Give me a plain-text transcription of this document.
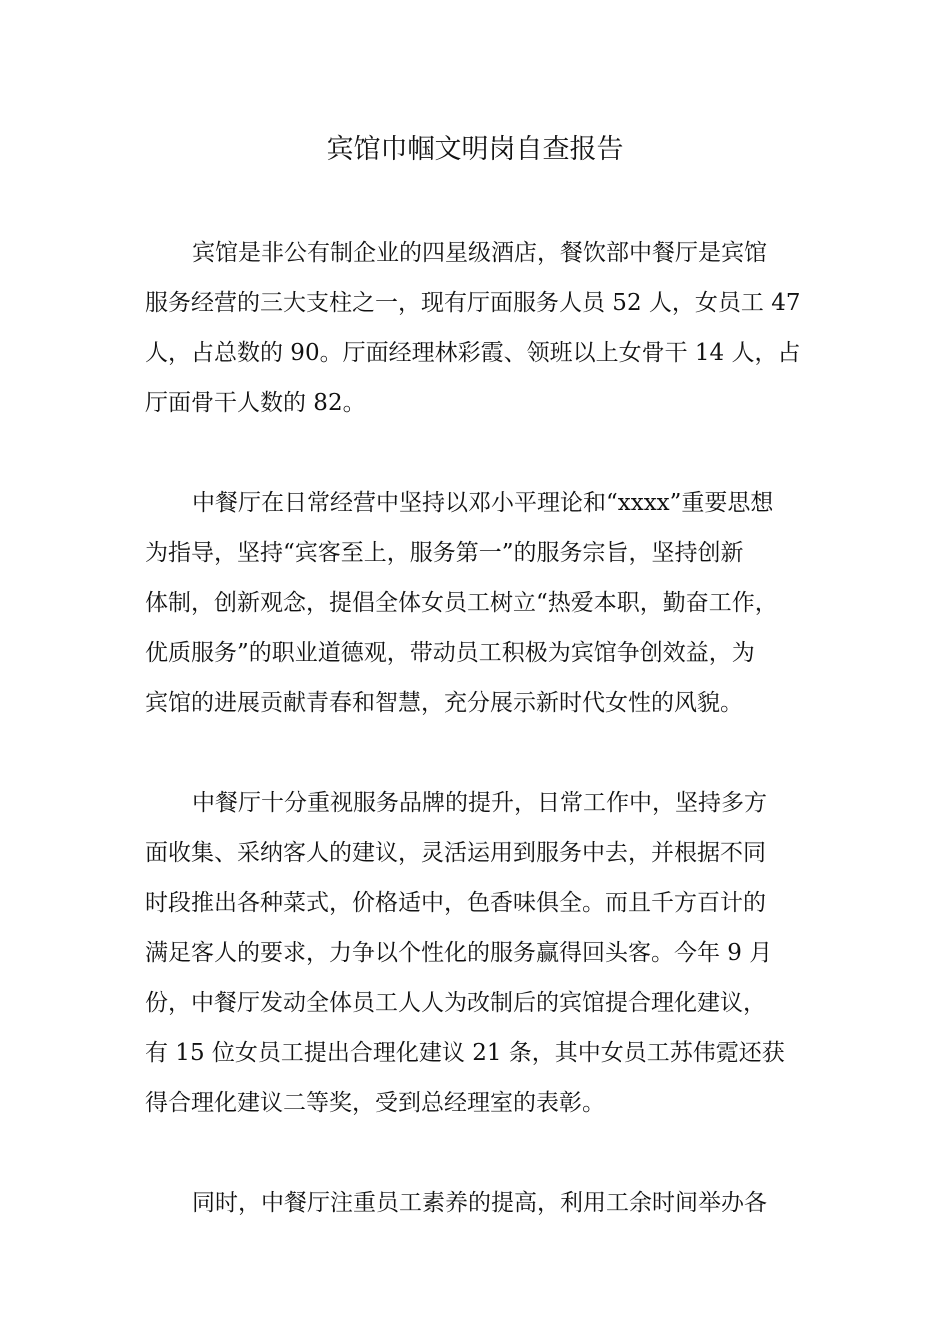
宾馆巾帼文明岗自查报告
宾馆是非公有制企业的四星级酒店，餐饮部中餐厅是宾馆
服务经营的三大支柱之一，现有厅面服务人员 52 人，女员工 47
人，占总数的 90。厅面经理林彩霞、领班以上女骨干 14 人，占
厅面骨干人数的 82。
中餐厅在日常经营中坚持以邓小平理论和“xxxx”重要思想
为指导，坚持“宾客至上，服务第一”的服务宗旨，坚持创新
体制，创新观念，提倡全体女员工树立“热爱本职，勤奋工作，
优质服务”的职业道德观，带动员工积极为宾馆争创效益，为
宾馆的进展贡献青春和智慧，充分展示新时代女性的风貌。
中餐厅十分重视服务品牌的提升，日常工作中，坚持多方
面收集、采纳客人的建议，灵活运用到服务中去，并根据不同
时段推出各种菜式，价格适中，色香味俱全。而且千方百计的
满足客人的要求，力争以个性化的服务赢得回头客。今年 9 月
份，中餐厅发动全体员工人人为改制后的宾馆提合理化建议，
有 15 位女员工提出合理化建议 21 条，其中女员工苏伟霓还获
得合理化建议二等奖，受到总经理室的表彰。
同时，中餐厅注重员工素养的提高，利用工余时间举办各
